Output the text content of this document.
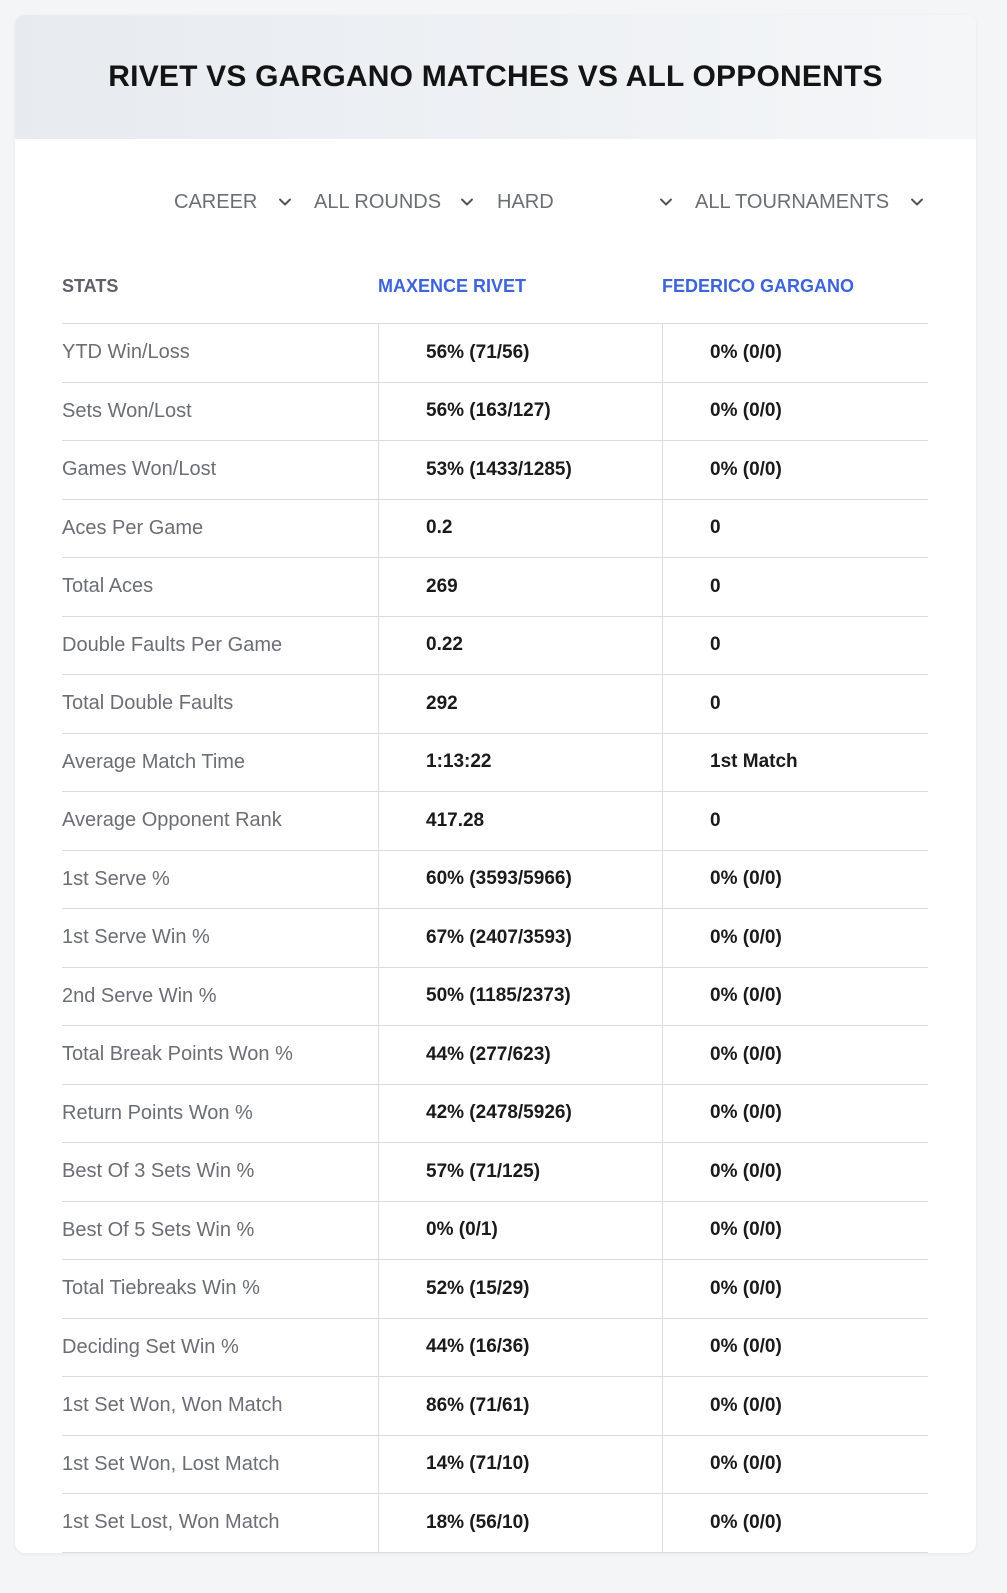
RIVET VS GARGANO MATCHES VS ALL OPPONENTS
CAREER	ALL ROUNDS	HARD	ALL TOURNAMENTS
STATS	MAXENCE RIVET	FEDERICO GARGANO
YTD Win/Loss	56% (71/56)	0% (0/0)
Sets Won/Lost	56% (163/127)	0% (0/0)
Games Won/Lost	53% (1433/1285)	0% (0/0)
Aces Per Game	0.2	0
Total Aces	269	0
Double Faults Per Game	0.22	0
Total Double Faults	292	0
Average Match Time	1:13:22	1st Match
Average Opponent Rank	417.28	0
1st Serve %	60% (3593/5966)	0% (0/0)
1st Serve Win %	67% (2407/3593)	0% (0/0)
2nd Serve Win %	50% (1185/2373)	0% (0/0)
Total Break Points Won %	44% (277/623)	0% (0/0)
Return Points Won %	42% (2478/5926)	0% (0/0)
Best Of 3 Sets Win %	57% (71/125)	0% (0/0)
Best Of 5 Sets Win %	0% (0/1)	0% (0/0)
Total Tiebreaks Win %	52% (15/29)	0% (0/0)
Deciding Set Win %	44% (16/36)	0% (0/0)
1st Set Won, Won Match	86% (71/61)	0% (0/0)
1st Set Won, Lost Match	14% (71/10)	0% (0/0)
1st Set Lost, Won Match	18% (56/10)	0% (0/0)
